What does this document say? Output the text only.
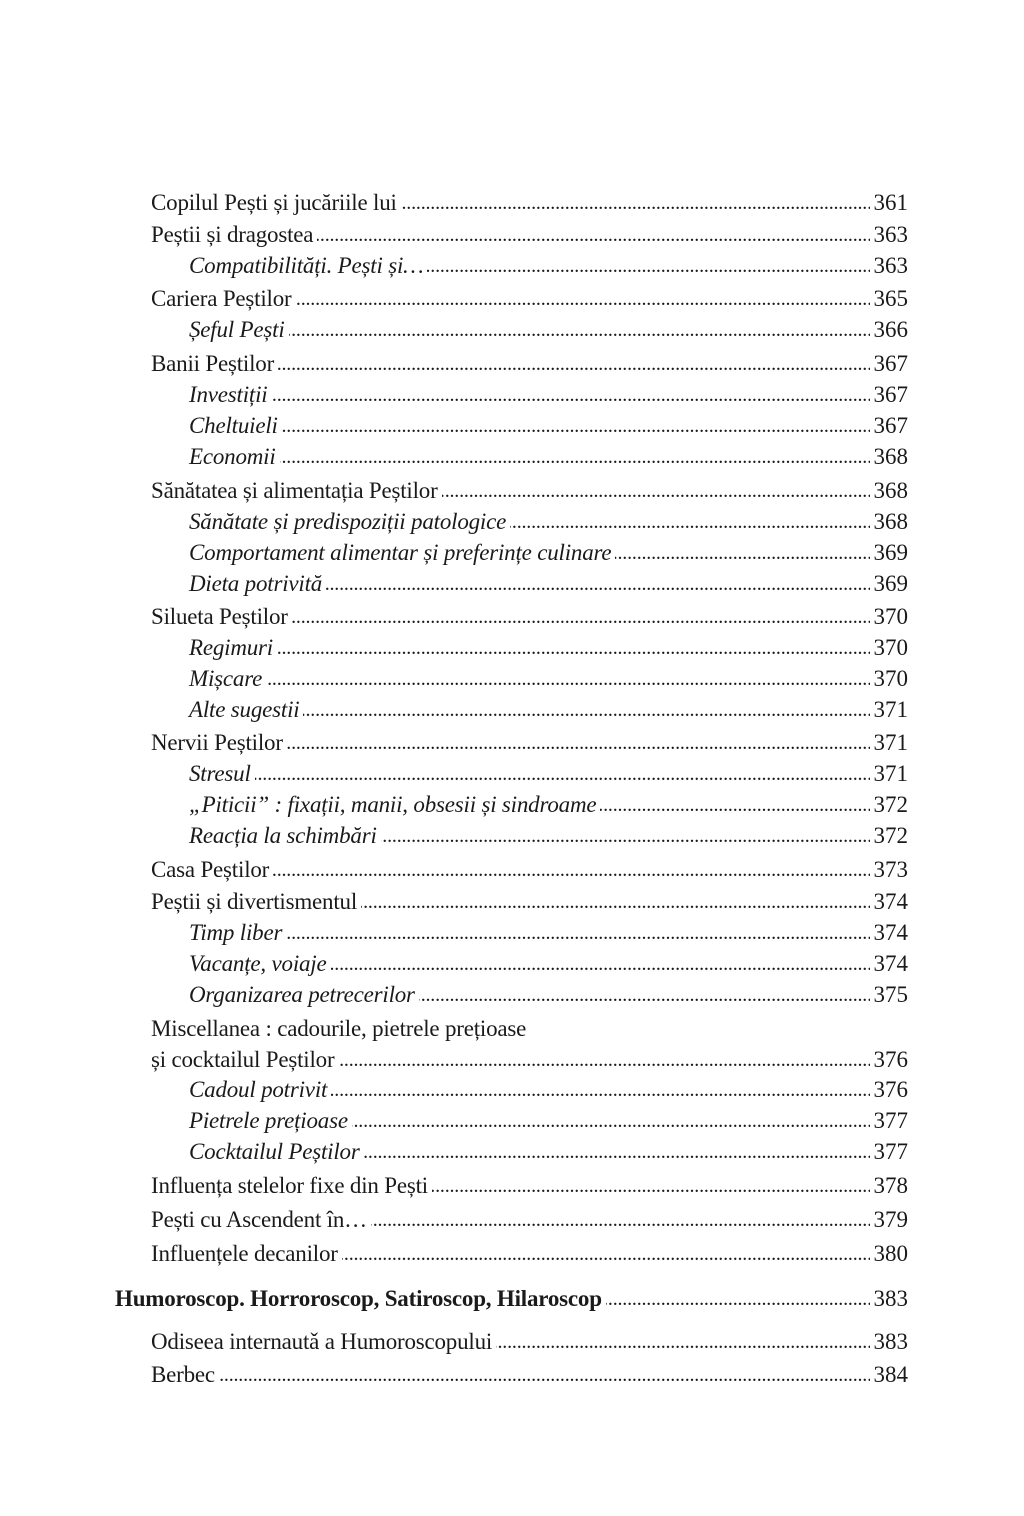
Copilul Pești și jucăriile lui . . .	361
Peștii și dragostea . . .	363
Compatibilități. Pești și… . . .	363
Cariera Peștilor . . .	365
Șeful Pești . . .	366
Banii Peștilor . . .	367
Investiții . . .	367
Cheltuieli . . .	367
Economii . . .	368
Sănătatea și alimentația Peștilor . . .	368
Sănătate și predispoziții patologice . . .	368
Comportament alimentar și preferințe culinare . . .	369
Dieta potrivită . . .	369
Silueta Peștilor . . .	370
Regimuri . . .	370
Mișcare . . .	370
Alte sugestii . . .	371
Nervii Peștilor . . .	371
Stresul . . .	371
„Piticii” : fixații, manii, obsesii și sindroame . . .	372
Reacția la schimbări . . .	372
Casa Peștilor . . .	373
Peștii și divertismentul . . .	374
Timp liber . . .	374
Vacanțe, voiaje . . .	374
Organizarea petrecerilor . . .	375
Miscellanea : cadourile, pietrele prețioase
și cocktailul Peștilor . . .	376
Cadoul potrivit . . .	376
Pietrele prețioase . . .	377
Cocktailul Peștilor . . .	377
Influența stelelor fixe din Pești . . .	378
Pești cu Ascendent în… . . .	379
Influențele decanilor . . .	380
Humoroscop. Horroroscop, Satiroscop, Hilaroscop . . .	383
Odiseea internautǎ a Humoroscopului . . .	383
Berbec . . .	384
